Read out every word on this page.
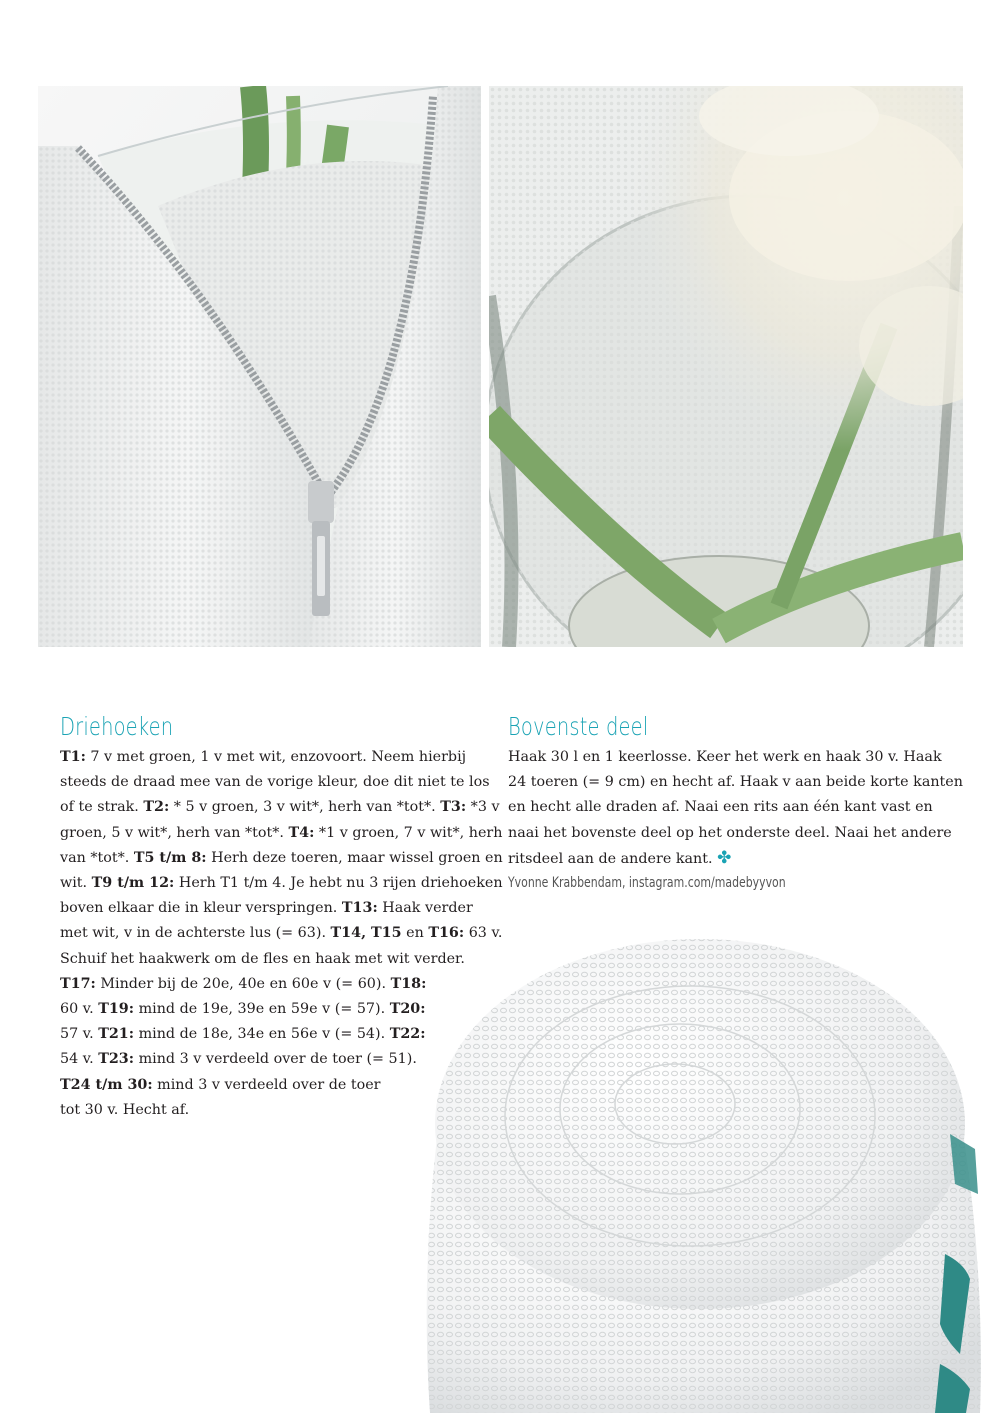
Driehoeken

T1: 7 v met groen, 1 v met wit, enzovoort. Neem hierbij
steeds de draad mee van de vorige kleur, doe dit niet te los
of te strak. T2: * 5 v groen, 3 v wit*, herh van *tot*. T3: *3 v
groen, 5 v wit*, herh van *tot*. T4: *1 v groen, 7 v wit*, herh
van *tot*. T5 t/m 8: Herh deze toeren, maar wissel groen en
wit. T9 t/m 12: Herh T1 t/m 4. Je hebt nu 3 rijen driehoeken
boven elkaar die in kleur verspringen. T13: Haak verder
met wit, v in de achterste lus (= 63). T14, T15 en T16: 63 v.
Schuif het haakwerk om de fles en haak met wit verder.
T17: Minder bij de 20e, 40e en 60e v (= 60). T18:
60 v. T19: mind de 19e, 39e en 59e v (= 57). T20:
57 v. T21: mind de 18e, 34e en 56e v (= 54). T22:
54 v. T23: mind 3 v verdeeld over de toer (= 51).
T24 t/m 30: mind 3 v verdeeld over de toer
tot 30 v. Hecht af.

Bovenste deel

Haak 30 l en 1 keerlosse. Keer het werk en haak 30 v. Haak
24 toeren (= 9 cm) en hecht af. Haak v aan beide korte kanten
en hecht alle draden af. Naai een rits aan één kant vast en
naai het bovenste deel op het onderste deel. Naai het andere
ritsdeel aan de andere kant. ✤

Yvonne Krabbendam, instagram.com/madebyyvon
